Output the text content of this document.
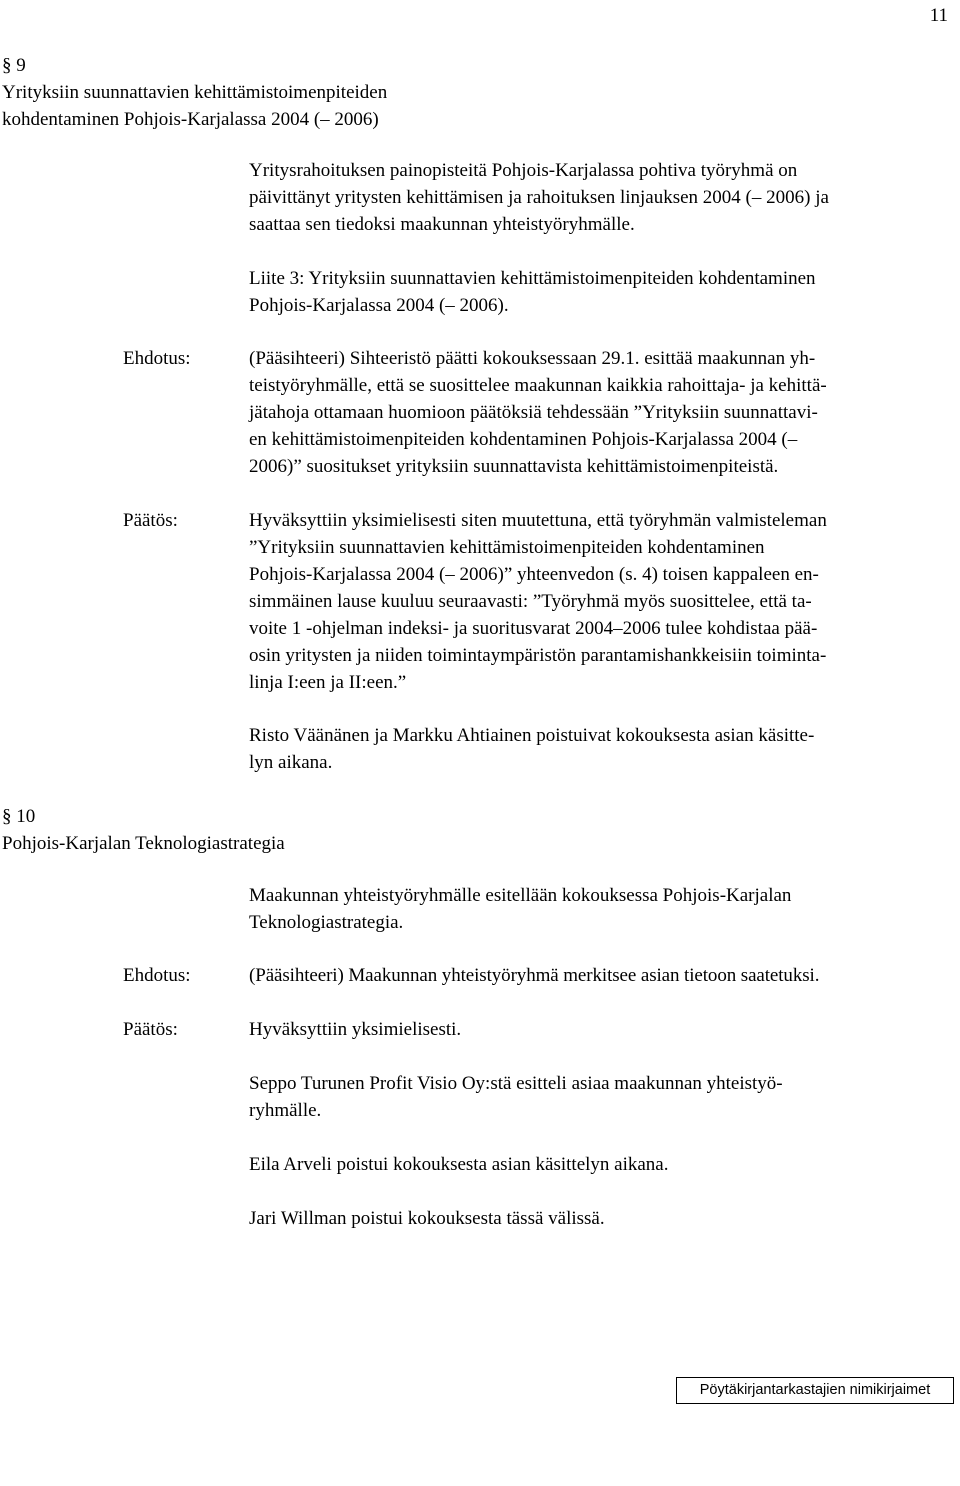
11
§ 9
Yrityksiin suunnattavien kehittämistoimenpiteiden
kohdentaminen Pohjois-Karjalassa 2004 (– 2006)
Yritysrahoituksen painopisteitä Pohjois-Karjalassa pohtiva työryhmä on
päivittänyt yritysten kehittämisen ja rahoituksen linjauksen 2004 (– 2006) ja
saattaa sen tiedoksi maakunnan yhteistyöryhmälle.
Liite 3: Yrityksiin suunnattavien kehittämistoimenpiteiden kohdentaminen
Pohjois-Karjalassa 2004 (– 2006).
Ehdotus:	(Pääsihteeri) Sihteeristö päätti kokouksessaan 29.1. esittää maakunnan yh-
teistyöryhmälle, että se suosittelee maakunnan kaikkia rahoittaja- ja kehittä-
jätahoja ottamaan huomioon päätöksiä tehdessään ”Yrityksiin suunnattavi-
en kehittämistoimenpiteiden kohdentaminen Pohjois-Karjalassa 2004 (–
2006)” suositukset yrityksiin suunnattavista kehittämistoimenpiteistä.
Päätös:	Hyväksyttiin yksimielisesti siten muutettuna, että työryhmän valmisteleman
”Yrityksiin suunnattavien kehittämistoimenpiteiden kohdentaminen
Pohjois-Karjalassa 2004 (– 2006)” yhteenvedon (s. 4) toisen kappaleen en-
simmäinen lause kuuluu seuraavasti: ”Työryhmä myös suosittelee, että ta-
voite 1 -ohjelman indeksi- ja suoritusvarat 2004–2006 tulee kohdistaa pää-
osin yritysten ja niiden toimintaympäristön parantamishankkeisiin toiminta-
linja I:een ja II:een.”
Risto Väänänen ja Markku Ahtiainen poistuivat kokouksesta asian käsitte-
lyn aikana.
§ 10
Pohjois-Karjalan Teknologiastrategia
Maakunnan yhteistyöryhmälle esitellään kokouksessa Pohjois-Karjalan
Teknologiastrategia.
Ehdotus:	(Pääsihteeri) Maakunnan yhteistyöryhmä merkitsee asian tietoon saatetuksi.
Päätös:	Hyväksyttiin yksimielisesti.
Seppo Turunen Profit Visio Oy:stä esitteli asiaa maakunnan yhteistyö-
ryhmälle.
Eila Arveli poistui kokouksesta asian käsittelyn aikana.
Jari Willman poistui kokouksesta tässä välissä.
Pöytäkirjantarkastajien nimikirjaimet
